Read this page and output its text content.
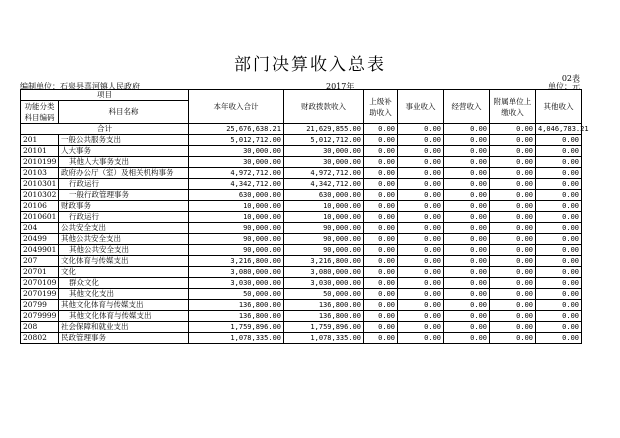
部门决算收入总表
02表
编制单位：石泉县喜河镇人民政府	2017年	单位：元
项目		本年收入合计	财政拨款收入	上级补助收入	事业收入	经营收入	附属单位上缴收入	其他收入
功能分类科目编码	科目名称							

合计		25,676,638.21	21,629,855.00	0.00	0.00	0.00	0.00	4,046,783.21
201	一般公共服务支出	5,012,712.00	5,012,712.00	0.00	0.00	0.00	0.00	0.00
20101	人大事务	30,000.00	30,000.00	0.00	0.00	0.00	0.00	0.00
2010199	其他人大事务支出	30,000.00	30,000.00	0.00	0.00	0.00	0.00	0.00
20103	政府办公厅（室）及相关机构事务	4,972,712.00	4,972,712.00	0.00	0.00	0.00	0.00	0.00
2010301	行政运行	4,342,712.00	4,342,712.00	0.00	0.00	0.00	0.00	0.00
2010302	一般行政管理事务	630,000.00	630,000.00	0.00	0.00	0.00	0.00	0.00
20106	财政事务	10,000.00	10,000.00	0.00	0.00	0.00	0.00	0.00
2010601	行政运行	10,000.00	10,000.00	0.00	0.00	0.00	0.00	0.00
204	公共安全支出	90,000.00	90,000.00	0.00	0.00	0.00	0.00	0.00
20499	其他公共安全支出	90,000.00	90,000.00	0.00	0.00	0.00	0.00	0.00
2049901	其他公共安全支出	90,000.00	90,000.00	0.00	0.00	0.00	0.00	0.00
207	文化体育与传媒支出	3,216,800.00	3,216,800.00	0.00	0.00	0.00	0.00	0.00
20701	文化	3,080,000.00	3,080,000.00	0.00	0.00	0.00	0.00	0.00
2070109	群众文化	3,030,000.00	3,030,000.00	0.00	0.00	0.00	0.00	0.00
2070199	其他文化支出	50,000.00	50,000.00	0.00	0.00	0.00	0.00	0.00
20799	其他文化体育与传媒支出	136,800.00	136,800.00	0.00	0.00	0.00	0.00	0.00
2079999	其他文化体育与传媒支出	136,800.00	136,800.00	0.00	0.00	0.00	0.00	0.00
208	社会保障和就业支出	1,759,896.00	1,759,896.00	0.00	0.00	0.00	0.00	0.00
20802	民政管理事务	1,078,335.00	1,078,335.00	0.00	0.00	0.00	0.00	0.00
